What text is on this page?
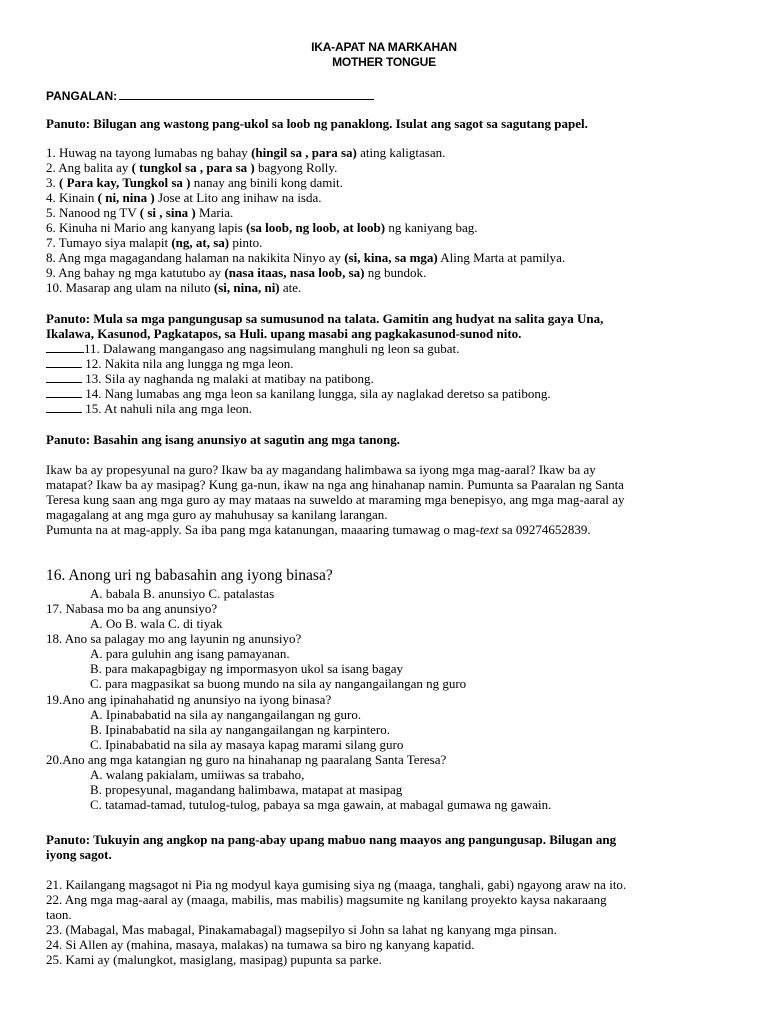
IKA-APAT NA MARKAHAN
MOTHER TONGUE
PANGALAN:
Panuto: Bilugan ang wastong pang-ukol sa loob ng panaklong. Isulat ang sagot sa sagutang papel.
1. Huwag na tayong lumabas ng bahay (hingil sa , para sa) ating kaligtasan.
2. Ang balita ay ( tungkol sa , para sa ) bagyong Rolly.
3. ( Para kay, Tungkol sa ) nanay ang binili kong damit.
4. Kinain ( ni, nina ) Jose at Lito ang inihaw na isda.
5. Nanood ng TV ( si , sina ) Maria.
6. Kinuha ni Mario ang kanyang lapis (sa loob, ng loob, at loob) ng kaniyang bag.
7. Tumayo siya malapit (ng, at, sa) pinto.
8. Ang mga magagandang halaman na nakikita Ninyo ay (si, kina, sa mga) Aling Marta at pamilya.
9. Ang bahay ng mga katutubo ay (nasa itaas, nasa loob, sa) ng bundok.
10. Masarap ang ulam na niluto (si, nina, ni) ate.
Panuto: Mula sa mga pangungusap sa sumusunod na talata. Gamitin ang hudyat na salita gaya Una,
Ikalawa, Kasunod, Pagkatapos, sa Huli. upang masabi ang pagkakasunod-sunod nito.
11. Dalawang mangangaso ang nagsimulang manghuli ng leon sa gubat.
12. Nakita nila ang lungga ng mga leon.
13. Sila ay naghanda ng malaki at matibay na patibong.
14. Nang lumabas ang mga leon sa kanilang lungga, sila ay naglakad deretso sa patibong.
15. At nahuli nila ang mga leon.
Panuto: Basahin ang isang anunsiyo at sagutin ang mga tanong.
Ikaw ba ay propesyunal na guro? Ikaw ba ay magandang halimbawa sa iyong mga mag-aaral? Ikaw ba ay
matapat? Ikaw ba ay masipag? Kung ga-nun, ikaw na nga ang hinahanap namin. Pumunta sa Paaralan ng Santa
Teresa kung saan ang mga guro ay may mataas na suweldo at maraming mga benepisyo, ang mga mag-aaral ay
magagalang at ang mga guro ay mahuhusay sa kanilang larangan.
Pumunta na at mag-apply. Sa iba pang mga katanungan, maaaring tumawag o mag-text sa 09274652839.
16. Anong uri ng babasahin ang iyong binasa?
A. babala B. anunsiyo C. patalastas
17. Nabasa mo ba ang anunsiyo?
A. Oo B. wala C. di tiyak
18. Ano sa palagay mo ang layunin ng anunsiyo?
A. para guluhin ang isang pamayanan.
B. para makapagbigay ng impormasyon ukol sa isang bagay
C. para magpasikat sa buong mundo na sila ay nangangailangan ng guro
19.Ano ang ipinahahatid ng anunsiyo na iyong binasa?
A. Ipinababatid na sila ay nangangailangan ng guro.
B. Ipinababatid na sila ay nangangailangan ng karpintero.
C. Ipinababatid na sila ay masaya kapag marami silang guro
20.Ano ang mga katangian ng guro na hinahanap ng paaralang Santa Teresa?
A. walang pakialam, umiiwas sa trabaho,
B. propesyunal, magandang halimbawa, matapat at masipag
C. tatamad-tamad, tutulog-tulog, pabaya sa mga gawain, at mabagal gumawa ng gawain.
Panuto: Tukuyin ang angkop na pang-abay upang mabuo nang maayos ang pangungusap. Bilugan ang
iyong sagot.
21. Kailangang magsagot ni Pia ng modyul kaya gumising siya ng (maaga, tanghali, gabi) ngayong araw na ito.
22. Ang mga mag-aaral ay (maaga, mabilis, mas mabilis) magsumite ng kanilang proyekto kaysa nakaraang
taon.
23. (Mabagal, Mas mabagal, Pinakamabagal) magsepilyo si John sa lahat ng kanyang mga pinsan.
24. Si Allen ay (mahina, masaya, malakas) na tumawa sa biro ng kanyang kapatid.
25. Kami ay (malungkot, masiglang, masipag) pupunta sa parke.
